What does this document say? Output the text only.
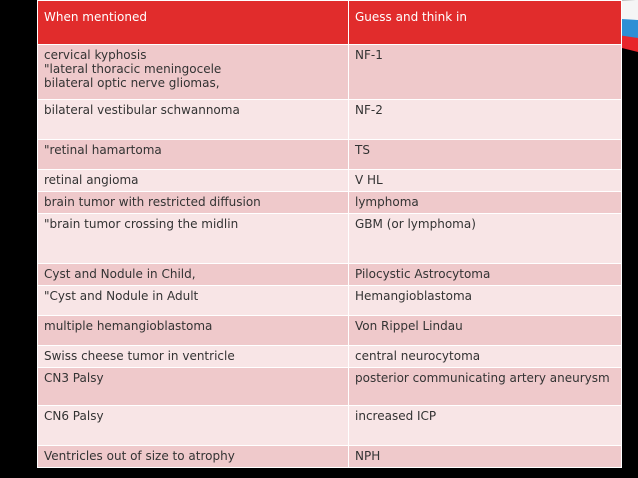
When mentioned	Guess and think in
cervical kyphosis
"lateral thoracic meningocele
bilateral optic nerve gliomas,	NF-1
bilateral vestibular schwannoma	NF-2
"retinal hamartoma	TS
retinal angioma	V HL
brain tumor with restricted diffusion	lymphoma
"brain tumor crossing the midlin	GBM (or lymphoma)
Cyst and Nodule in Child,	Pilocystic Astrocytoma
"Cyst and Nodule in Adult	Hemangioblastoma
multiple hemangioblastoma	Von Rippel Lindau
Swiss cheese tumor in ventricle	central neurocytoma
CN3 Palsy	posterior communicating artery aneurysm
CN6 Palsy	increased ICP
Ventricles out of size to atrophy	NPH
